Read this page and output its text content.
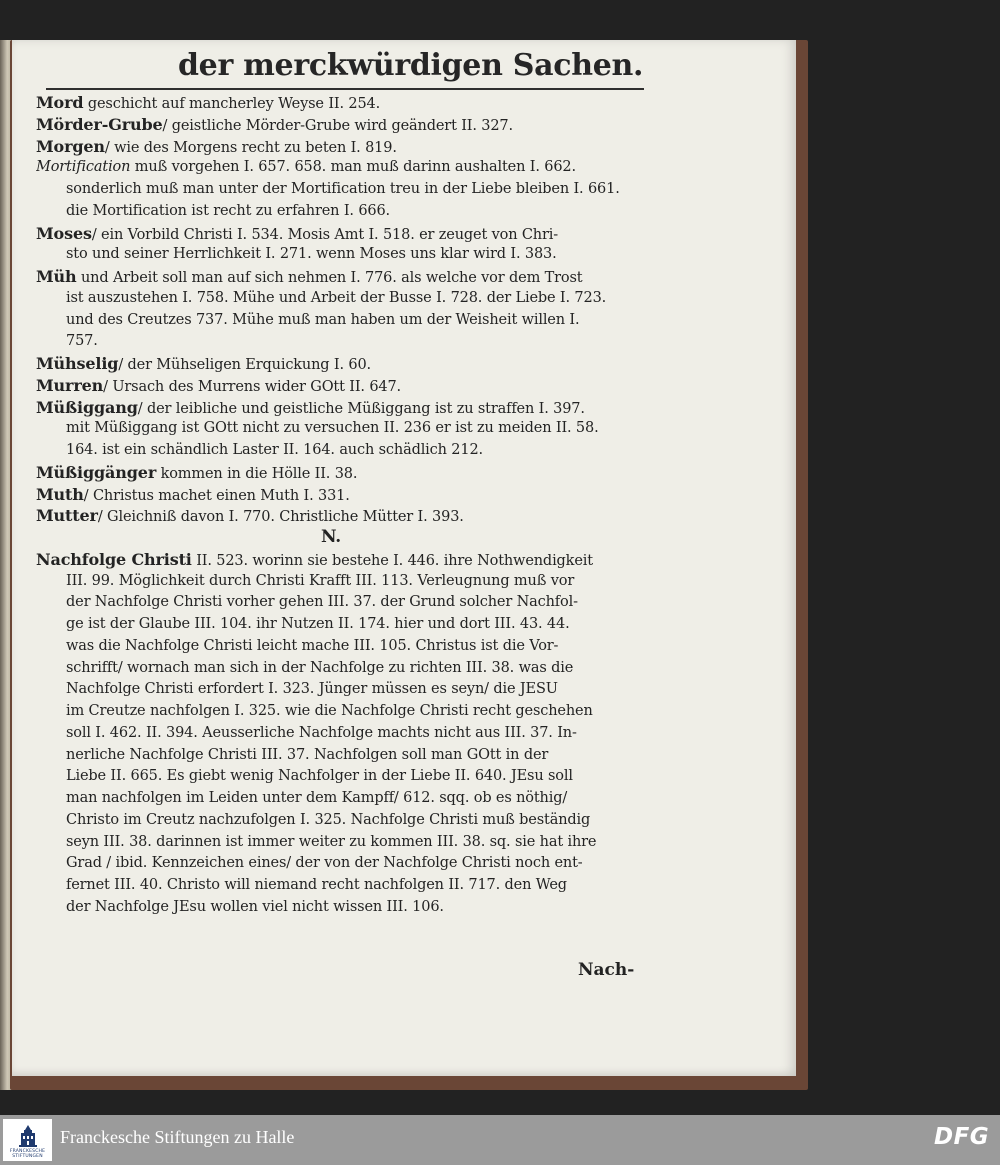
der merckwürdigen Sachen.
Mord geschicht auf mancherley Weyse II. 254.
Mörder-Grube/ geistliche Mörder-Grube wird geändert II. 327.
Morgen/ wie des Morgens recht zu beten I. 819.
Mortification muß vorgehen I. 657. 658. man muß darinn aushalten I. 662.
sonderlich muß man unter der Mortification treu in der Liebe bleiben I. 661.
die Mortification ist recht zu erfahren I. 666.
Moses/ ein Vorbild Christi I. 534. Mosis Amt I. 518. er zeuget von Chri-
sto und seiner Herrlichkeit I. 271. wenn Moses uns klar wird I. 383.
Müh und Arbeit soll man auf sich nehmen I. 776. als welche vor dem Trost
ist auszustehen I. 758. Mühe und Arbeit der Busse I. 728. der Liebe I. 723.
und des Creutzes 737. Mühe muß man haben um der Weisheit willen I.
757.
Mühselig/ der Mühseligen Erquickung I. 60.
Murren/ Ursach des Murrens wider GOtt II. 647.
Müßiggang/ der leibliche und geistliche Müßiggang ist zu straffen I. 397.
mit Müßiggang ist GOtt nicht zu versuchen II. 236 er ist zu meiden II. 58.
164. ist ein schändlich Laster II. 164. auch schädlich 212.
Müßiggänger kommen in die Hölle II. 38.
Muth/ Christus machet einen Muth I. 331.
Mutter/ Gleichniß davon I. 770. Christliche Mütter I. 393.
N.
Nachfolge Christi II. 523. worinn sie bestehe I. 446. ihre Nothwendigkeit
III. 99. Möglichkeit durch Christi Krafft III. 113. Verleugnung muß vor
der Nachfolge Christi vorher gehen III. 37. der Grund solcher Nachfol-
ge ist der Glaube III. 104. ihr Nutzen II. 174. hier und dort III. 43. 44.
was die Nachfolge Christi leicht mache III. 105. Christus ist die Vor-
schrifft/ wornach man sich in der Nachfolge zu richten III. 38. was die
Nachfolge Christi erfordert I. 323. Jünger müssen es seyn/ die JESU
im Creutze nachfolgen I. 325. wie die Nachfolge Christi recht geschehen
soll I. 462. II. 394. Aeusserliche Nachfolge machts nicht aus III. 37. In-
nerliche Nachfolge Christi III. 37. Nachfolgen soll man GOtt in der
Liebe II. 665. Es giebt wenig Nachfolger in der Liebe II. 640. JEsu soll
man nachfolgen im Leiden unter dem Kampff/ 612. sqq. ob es nöthig/
Christo im Creutz nachzufolgen I. 325. Nachfolge Christi muß beständig
seyn III. 38. darinnen ist immer weiter zu kommen III. 38. sq. sie hat ihre
Grad / ibid. Kennzeichen eines/ der von der Nachfolge Christi noch ent-
fernet III. 40. Christo will niemand recht nachfolgen II. 717. den Weg
der Nachfolge JEsu wollen viel nicht wissen III. 106.
Nach-
FRANCKESCHE
STIFTUNGEN
Franckesche Stiftungen zu Halle	DFG
